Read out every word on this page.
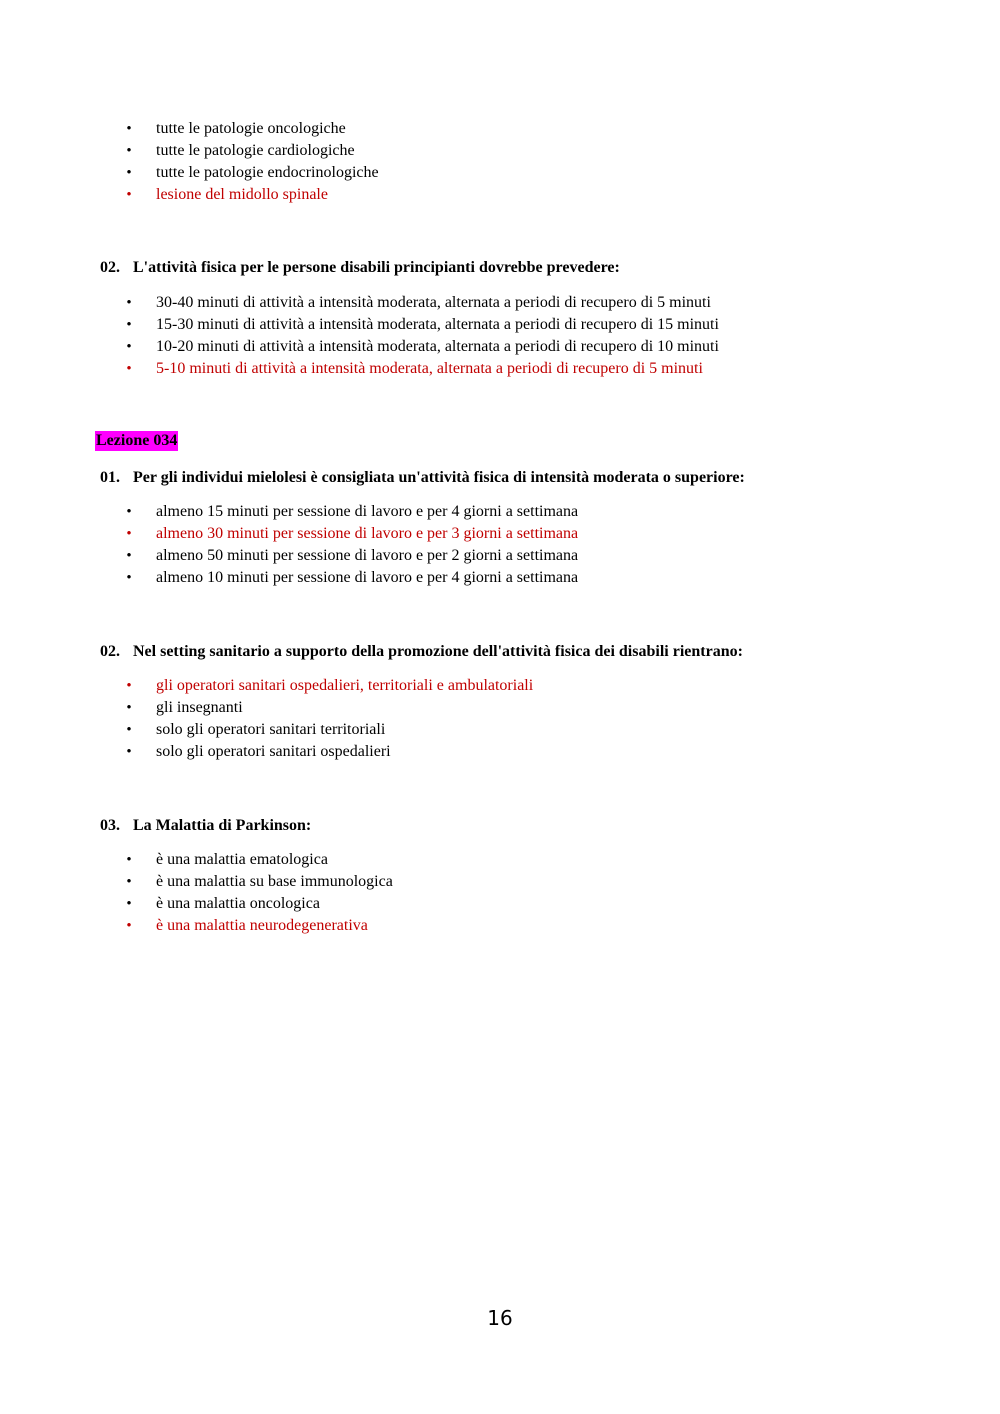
• tutte le patologie oncologiche
• tutte le patologie cardiologiche
• tutte le patologie endocrinologiche
• lesione del midollo spinale
02. L'attività fisica per le persone disabili principianti dovrebbe prevedere:
• 30-40 minuti di attività a intensità moderata, alternata a periodi di recupero di 5 minuti
• 15-30 minuti di attività a intensità moderata, alternata a periodi di recupero di 15 minuti
• 10-20 minuti di attività a intensità moderata, alternata a periodi di recupero di 10 minuti
• 5-10 minuti di attività a intensità moderata, alternata a periodi di recupero di 5 minuti
Lezione 034
01. Per gli individui mielolesi è consigliata un'attività fisica di intensità moderata o superiore:
• almeno 15 minuti per sessione di lavoro e per 4 giorni a settimana
• almeno 30 minuti per sessione di lavoro e per 3 giorni a settimana
• almeno 50 minuti per sessione di lavoro e per 2 giorni a settimana
• almeno 10 minuti per sessione di lavoro e per 4 giorni a settimana
02. Nel setting sanitario a supporto della promozione dell'attività fisica dei disabili rientrano:
• gli operatori sanitari ospedalieri, territoriali e ambulatoriali
• gli insegnanti
• solo gli operatori sanitari territoriali
• solo gli operatori sanitari ospedalieri
03. La Malattia di Parkinson:
• è una malattia ematologica
• è una malattia su base immunologica
• è una malattia oncologica
• è una malattia neurodegenerativa
16
